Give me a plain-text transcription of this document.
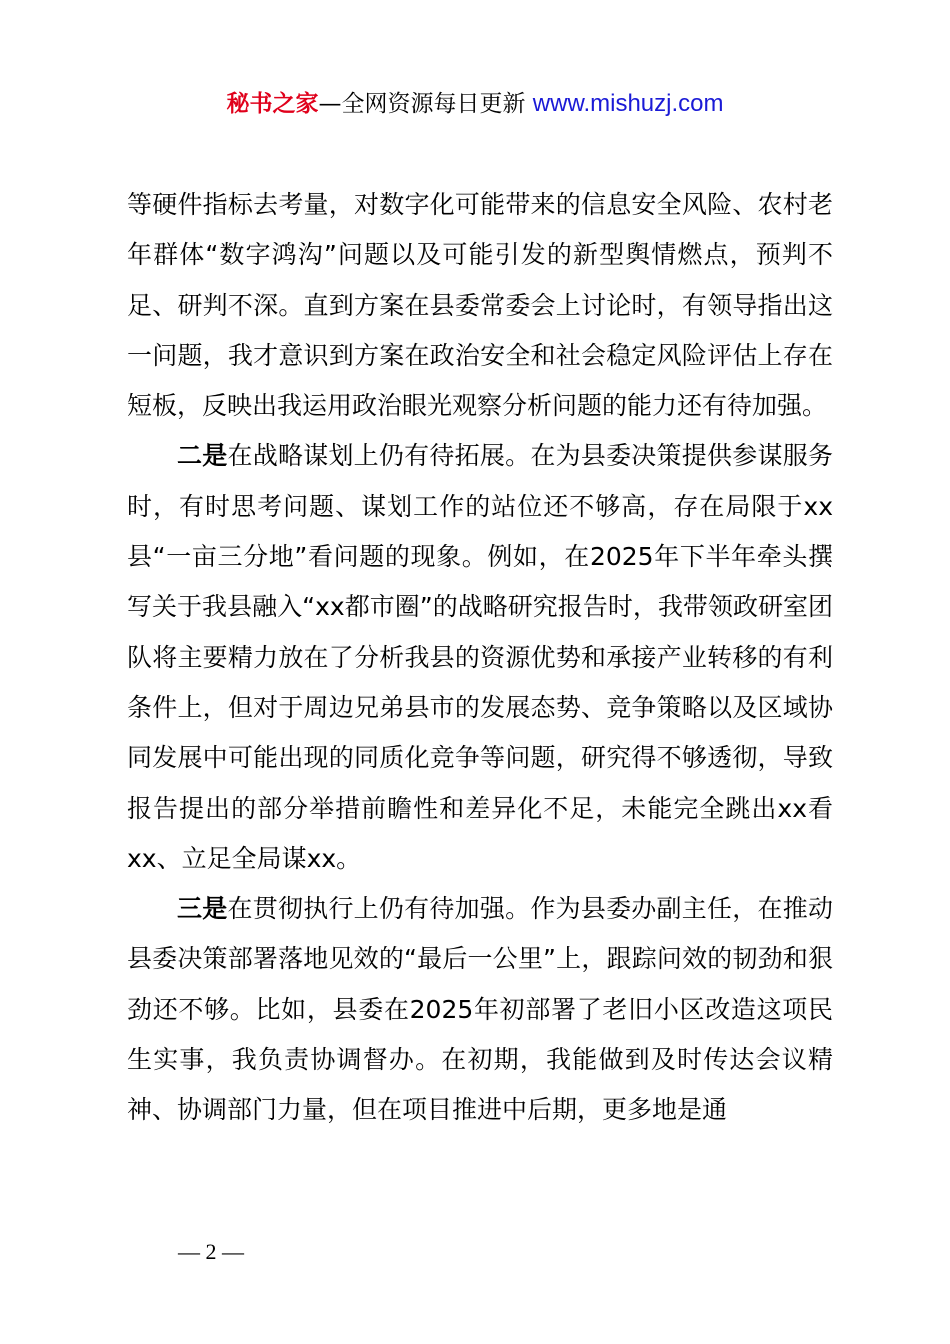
秘书之家—全网资源每日更新 www.mishuzj.com

等硬件指标去考量，对数字化可能带来的信息安全风险、农村老年群体“数字鸿沟”问题以及可能引发的新型舆情燃点，预判不足、研判不深。直到方案在县委常委会上讨论时，有领导指出这一问题，我才意识到方案在政治安全和社会稳定风险评估上存在短板，反映出我运用政治眼光观察分析问题的能力还有待加强。

二是在战略谋划上仍有待拓展。在为县委决策提供参谋服务时，有时思考问题、谋划工作的站位还不够高，存在局限于xx县“一亩三分地”看问题的现象。例如，在2025年下半年牵头撰写关于我县融入“xx都市圈”的战略研究报告时，我带领政研室团队将主要精力放在了分析我县的资源优势和承接产业转移的有利条件上，但对于周边兄弟县市的发展态势、竞争策略以及区域协同发展中可能出现的同质化竞争等问题，研究得不够透彻，导致报告提出的部分举措前瞻性和差异化不足，未能完全跳出xx看xx、立足全局谋xx。

三是在贯彻执行上仍有待加强。作为县委办副主任，在推动县委决策部署落地见效的“最后一公里”上，跟踪问效的韧劲和狠劲还不够。比如，县委在2025年初部署了老旧小区改造这项民生实事，我负责协调督办。在初期，我能做到及时传达会议精神、协调部门力量，但在项目推进中后期，更多地是通

— 2 —
